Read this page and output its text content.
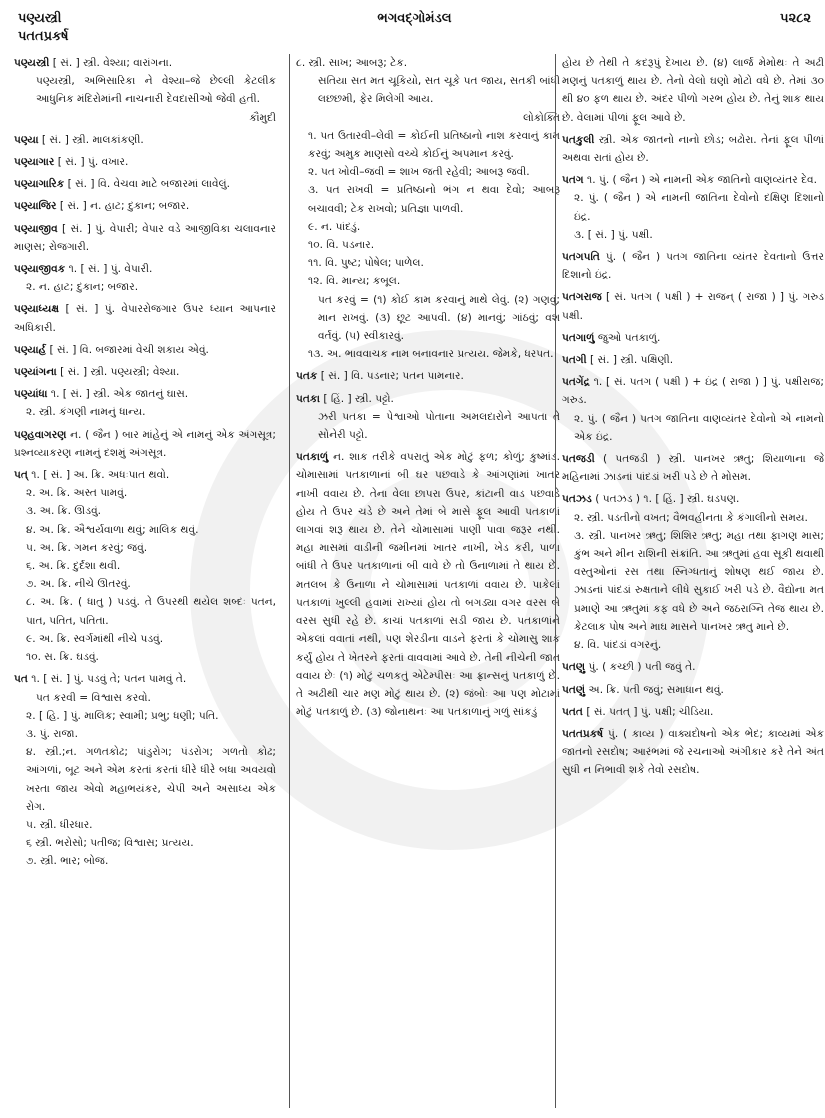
પણ્યસ્ત્રી
પતતપ્રકર્ષ
ભગવદ્ગોમંડલ	૫૨૮૨
પણ્યસ્ત્રી [ સં. ] સ્ત્રી. વેશ્યા; વારાંગના.
પણ્યસ્ત્રી, અભિસારિકા ને વેશ્યા–જે છેલ્લી કેટલીક આધુનિક મંદિરોમાંની નાચનારી દેવદાસીઓ જેવી હતી.
કૌમુદી
પણ્યા [ સં. ] સ્ત્રી. માલકાંકણી.
પણ્યાગાર [ સં. ] પું. વખાર.
પણ્યાગારિક [ સં. ] વિ. વેચવા માટે બજારમાં લાવેલું.
પણ્યાજિર [ સં. ] ન. હાટ; દુકાન; બજાર.
પણ્યાજીવ [ સં. ] પું. વેપારી; વેપાર વડે આજીવિકા ચલાવનાર માણસ; રોજગારી.
પણ્યાજીવક ૧. [ સં. ] પું. વેપારી.
૨. ન. હાટ; દુકાન; બજાર.
પણ્યાધ્યક્ષ [ સં. ] પું. વેપારરોજગાર ઉપર ધ્યાન આપનાર અધિકારી.
પણ્યાર્હ [ સં. ] વિ. બજારમાં વેચી શકાય એવું.
પણ્યાંગના [ સં. ] સ્ત્રી. પણ્યસ્ત્રી; વેશ્યા.
પણ્યાંધા ૧. [ સં. ] સ્ત્રી. એક જાતનું ઘાસ.
૨. સ્ત્રી. કંગણી નામનું ધાન્ય.
પણ્હવાગરણ ન. ( જૈન ) બાર માંહેનું એ નામનું એક અંગસૂત્ર; પ્રશ્નવ્યાકરણ નામનું દશમું અંગસૂત્ર.
પત્ ૧. [ સં. ] અ. ક્રિ. અધઃપાત થવો.
૨. અ. ક્રિ. અસ્ત પામવું.
૩. અ. ક્રિ. ઊડવું.
૪. અ. ક્રિ. ઐશ્વર્યવાળા થવું; માલિક થવું.
૫. અ. ક્રિ. ગમન કરવું; જવું.
૬. અ. ક્રિ. દુર્દશા થવી.
૭. અ. ક્રિ. નીચે ઊતરવું.
૮. અ. ક્રિ. ( ધાતુ ) પડવું. તે ઉપરથી થયેલ શબ્દઃ પતન, પાત, પતિત, પતિતા.
૯. અ. ક્રિ. સ્વર્ગમાંથી નીચે પડવું.
૧૦. સ. ક્રિ. ઘડવું.
પત ૧. [ સં. ] પું. પડવું તે; પતન પામવું તે.
પત કરવી = વિશ્વાસ કરવો.
૨. [ હિ. ] પું. માલિક; સ્વામી; પ્રભુ; ધણી; પતિ.
૩. પું. રાજા.
૪. સ્ત્રી.;ન. ગળતકોઢ; પાંડુરોગ; પંડરોગ; ગળતો કોઢ; આંગળાં, બૂટ અને એમ કરતાં કરતાં ધીરે ધીરે બધા અવયવો ખરતા જાય એવો મહાભયંકર, ચેપી અને અસાધ્ય એક રોગ.
૫. સ્ત્રી. ધીરધાર.
૬ સ્ત્રી. ભરોસો; પતીજ; વિશ્વાસ; પ્રત્યય.
૭. સ્ત્રી. ભાર; બોજ.
૮. સ્ત્રી. સાખ; આબરૂ; ટેક.
સતિયા સત મત ચૂકિયો, સત ચૂકે પત જાય, સતકી બાંધી લછ્છમી, ફેર મિલેગી આય.
લોકોક્તિ
૧. પત ઉતારવી–લેવી = કોઈની પ્રતિષ્ઠાનો નાશ કરવાનું કામ કરવું; અમુક માણસો વચ્ચે કોઈનું અપમાન કરવું.
૨. પત ખોવી–જવી = શાખ જતી રહેવી; આબરૂ જવી.
૩. પત રાખવી = પ્રતિષ્ઠાનો ભંગ ન થવા દેવો; આબરૂ બચાવવી; ટેક રાખવો; પ્રતિજ્ઞા પાળવી.
૯. ન. પાંદડું.
૧૦. વિ. પડનાર.
૧૧. વિ. પુષ્ટ; પોષેલ; પાળેલ.
૧૨. વિ. માન્ય; કબૂલ.
પત કરવું = (૧) કોઈ કામ કરવાનું માથે લેવું. (૨) ગણવું; માન રાખવું. (૩) છૂટ આપવી. (૪) માનવું; ગાંઠવું; વશ વર્તવું. (૫) સ્વીકારવું.
૧૩. અ. ભાવવાચક નામ બનાવનાર પ્રત્યય. જેમકે, ધરપત.
પતક [ સં. ] વિ. પડનાર; પતન પામનાર.
પતકા [ હિં. ] સ્ત્રી. પટ્ટો.
ઝરી પતકા = પેશ્વાઓ પોતાના અમલદારોને આપતા તે સોનેરી પટ્ટો.
પતકાળું ન. શાક તરીકે વપરાતું એક મોટું ફળ; કોળું; કુષ્માંડ. ચોમાસામાં પતકાળાનાં બી ઘર પછવાડે કે આંગણાંમાં ખાતર નાખી વવાય છે. તેના વેલા છાપરા ઉપર, કાંટાની વાડ પછવાડે હોય તે ઉપર ચડે છે અને તેમાં બે માસે ફૂલ આવી પતકાળાં લાગવાં શરૂ થાય છે. તેને ચોમાસામાં પાણી પાવા જરૂર નથી. મહા માસમાં વાડીની જમીનમાં ખાતર નાખી, ખેડ કરી, પાળા બાંધી તે ઉપર પતકાળાનાં બી વાવે છે તો ઉનાળામાં તે થાય છે. મતલબ કે ઉનાળા ને ચોમાસામાં પતકાળાં વવાય છે. પાકેલાં પતકાળાં ખુલ્લી હવામાં રાખ્યાં હોય તો બગડ્યા વગર વરસ બે વરસ સુધી રહે છે. કાચાં પતકાળાં સડી જાય છે. પતકાળાંને એકલાં વવાતાં નથી, પણ શેરડીના વાડને ફરતાં કે ચોમાસુ શાક કર્યું હોય તે ખેતરને ફરતાં વાવવામાં આવે છે. તેની નીચેની જાત વવાય છેઃ (૧) મોટું ચળકતું એટેમ્પીસઃ આ ફ્રાન્સનું પતકાળું છે. તે અઢીથી ચાર મણ મોટું થાય છે. (૨) જંબોઃ આ પણ મોટામાં મોટું પતકાળું છે. (૩) જોનાથનઃ આ પતકાળાનું ગળું સાંકડું
હોય છે તેથી તે કદરૂપું દેખાય છે. (૪) લાર્જ મેમોથઃ તે અઢી મણનું પતકાળું થાય છે. તેનો વેલો ઘણો મોટો વધે છે. તેમાં ૩૦ થી ૪૦ ફળ થાય છે. અંદર પીળો ગરભ હોય છે. તેનું શાક થાય છે. વેલામાં પીળાં ફૂલ આવે છે.
પતકુલી સ્ત્રી. એક જાતનો નાનો છોડ; બઢોરા. તેનાં ફૂલ પીળાં અથવા રાતાં હોય છે.
પતગ ૧. પું. ( જૈન ) એ નામની એક જાતિનો વાણવ્યંતર દેવ.
૨. પું. ( જૈન ) એ નામની જાતિના દેવોનો દક્ષિણ દિશાનો ઇંદ્ર.
૩. [ સં. ] પું. પક્ષી.
પતગપતિ પું. ( જૈન ) પતગ જાતિના વ્યંતર દેવતાનો ઉત્તર દિશાનો ઇંદ્ર.
પતગરાજ [ સં. પતગ ( પક્ષી ) + રાજન્ ( રાજા ) ] પું. ગરુડ પક્ષી.
પતગાળું જુઓ પતકાળું.
પતગી [ સં. ] સ્ત્રી. પક્ષિણી.
પતગેંદ્ર ૧. [ સં. પતગ ( પક્ષી ) + ઇંદ્ર ( રાજા ) ] પું. પક્ષીરાજ; ગરુડ.
૨. પું. ( જૈન ) પતગ જાતિના વાણવ્યંતર દેવોનો એ નામનો એક ઇંદ્ર.
પતજડી ( પતજડી ) સ્ત્રી. પાનખર ઋતુ; શિયાળાના જે મહિનામાં ઝાડનાં પાંદડાં ખરી પડે છે તે મોસમ.
પતઝડ ( પતઝડ ) ૧. [ હિં. ] સ્ત્રી. ઘડપણ.
૨. સ્ત્રી. પડતીનો વખત; વૈભવહીનતા કે કંગાલીનો સમય.
૩. સ્ત્રી. પાનખર ઋતુ; શિશિર ઋતુ; મહા તથા ફાગણ માસ; કુંભ અને મીન રાશિની સંક્રાંતિ. આ ઋતુમાં હવા સૂકી થવાથી વસ્તુઓનાં રસ તથા સ્નિગ્ધતાનું શોષણ થઈ જાય છે. ઝાડનાં પાંદડાં રુક્ષતાને લીધે સુકાઈ ખરી પડે છે. વૈદ્યોના મત પ્રમાણે આ ઋતુમાં કફ વધે છે અને જઠરાગ્નિ તેજ થાય છે. કેટલાક પોષ અને માઘ માસને પાનખર ઋતુ માને છે.
૪. વિ. પાંદડાં વગરનું.
પતણુ પું. ( કચ્છી ) પતી જવું તે.
પતણું અ. ક્રિ. પતી જવું; સમાધાન થવું.
પતત [ સં. પતત્ ] પું. પક્ષી; ચીડિયા.
પતતપ્રકર્ષ પું. ( કાવ્ય ) વાક્યદોષનો એક ભેદ; કાવ્યમાં એક જાતનો રસદોષ; આરંભમાં જે રચનાઓ અંગીકાર કરે તેને અંત સુધી ન નિભાવી શકે તેવો રસદોષ.
